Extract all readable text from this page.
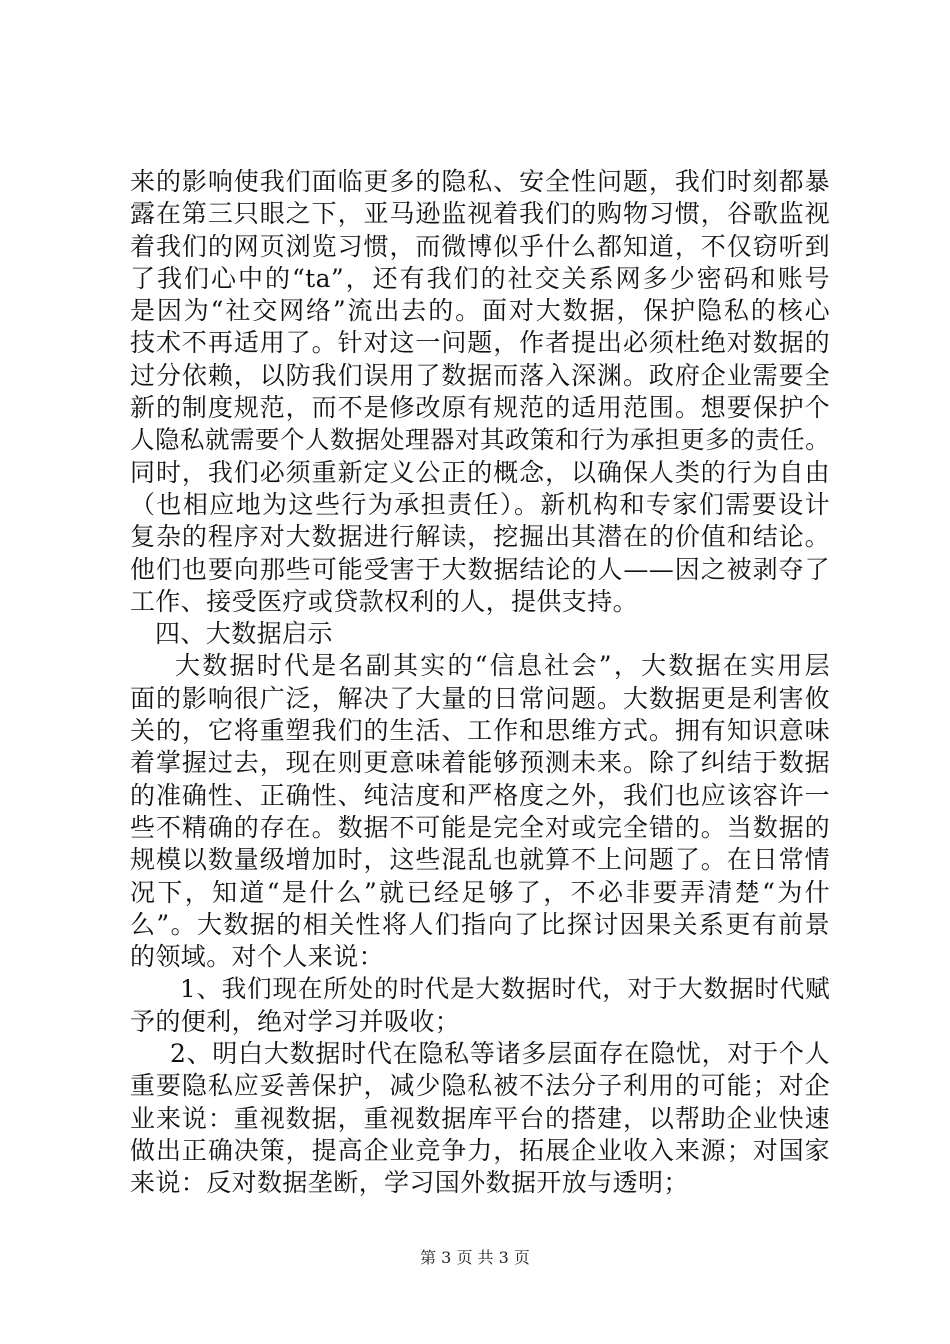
来的影响使我们面临更多的隐私、安全性问题，我们时刻都暴
露在第三只眼之下，亚马逊监视着我们的购物习惯，谷歌监视
着我们的网页浏览习惯，而微博似乎什么都知道，不仅窃听到
了我们心中的“ta”，还有我们的社交关系网多少密码和账号
是因为“社交网络”流出去的。面对大数据，保护隐私的核心
技术不再适用了。针对这一问题，作者提出必须杜绝对数据的
过分依赖，以防我们误用了数据而落入深渊。政府企业需要全
新的制度规范，而不是修改原有规范的适用范围。想要保护个
人隐私就需要个人数据处理器对其政策和行为承担更多的责任。
同时，我们必须重新定义公正的概念，以确保人类的行为自由
（也相应地为这些行为承担责任）。新机构和专家们需要设计
复杂的程序对大数据进行解读，挖掘出其潜在的价值和结论。
他们也要向那些可能受害于大数据结论的人——因之被剥夺了
工作、接受医疗或贷款权利的人，提供支持。
四、大数据启示
大数据时代是名副其实的“信息社会”，大数据在实用层
面的影响很广泛，解决了大量的日常问题。大数据更是利害攸
关的，它将重塑我们的生活、工作和思维方式。拥有知识意味
着掌握过去，现在则更意味着能够预测未来。除了纠结于数据
的准确性、正确性、纯洁度和严格度之外，我们也应该容许一
些不精确的存在。数据不可能是完全对或完全错的。当数据的
规模以数量级增加时，这些混乱也就算不上问题了。在日常情
况下，知道“是什么”就已经足够了，不必非要弄清楚“为什
么”。大数据的相关性将人们指向了比探讨因果关系更有前景
的领域。对个人来说：
1、我们现在所处的时代是大数据时代，对于大数据时代赋
予的便利，绝对学习并吸收；
2、明白大数据时代在隐私等诸多层面存在隐忧，对于个人
重要隐私应妥善保护，减少隐私被不法分子利用的可能；对企
业来说：重视数据，重视数据库平台的搭建，以帮助企业快速
做出正确决策，提高企业竞争力，拓展企业收入来源；对国家
来说：反对数据垄断，学习国外数据开放与透明；
第 3 页 共 3 页
